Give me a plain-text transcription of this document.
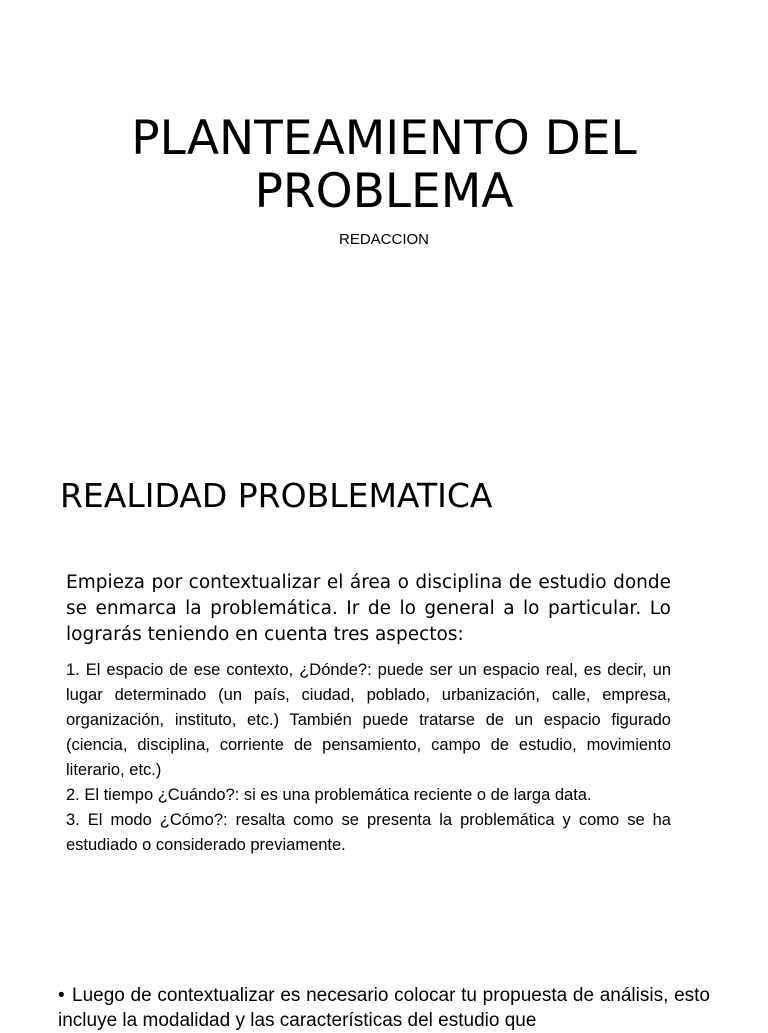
PLANTEAMIENTO DEL PROBLEMA

REDACCION

REALIDAD PROBLEMATICA

Empieza por contextualizar el área o disciplina de estudio donde se enmarca la problemática. Ir de lo general a lo particular. Lo lograrás teniendo en cuenta tres aspectos:

1. El espacio de ese contexto, ¿Dónde?: puede ser un espacio real, es decir, un lugar determinado (un país, ciudad, poblado, urbanización, calle, empresa, organización, instituto, etc.) También puede tratarse de un espacio figurado (ciencia, disciplina, corriente de pensamiento, campo de estudio, movimiento literario, etc.)
2. El tiempo ¿Cuándo?: si es una problemática reciente o de larga data.
3. El modo ¿Cómo?: resalta como se presenta la problemática y como se ha estudiado o considerado previamente.

• Luego de contextualizar es necesario colocar tu propuesta de análisis, esto incluye la modalidad y las características del estudio que
